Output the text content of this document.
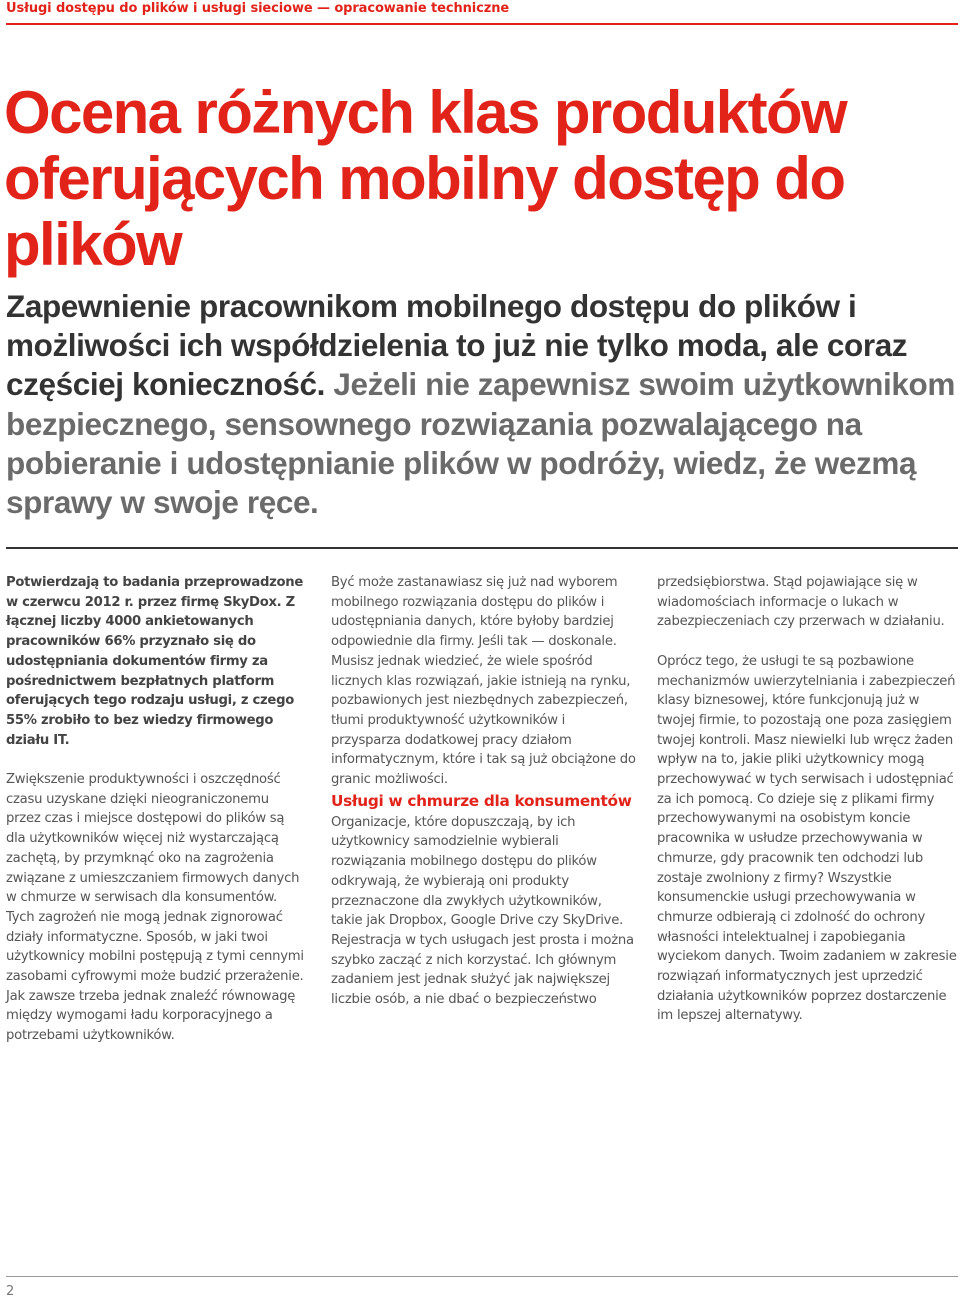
Usługi dostępu do plików i usługi sieciowe — opracowanie techniczne
Ocena różnych klas produktów oferujących mobilny dostęp do plików

Zapewnienie pracownikom mobilnego dostępu do plików i możliwości ich współdzielenia to już nie tylko moda, ale coraz częściej konieczność. Jeżeli nie zapewnisz swoim użytkownikom bezpiecznego, sensownego rozwiązania pozwalającego na pobieranie i udostępnianie plików w podróży, wiedz, że wezmą sprawy w swoje ręce.

Potwierdzają to badania przeprowadzone w czerwcu 2012 r. przez firmę SkyDox. Z łącznej liczby 4000 ankietowanych pracowników 66% przyznało się do udostępniania dokumentów firmy za pośrednictwem bezpłatnych platform oferujących tego rodzaju usługi, z czego 55% zrobiło to bez wiedzy firmowego działu IT.

Zwiększenie produktywności i oszczędność czasu uzyskane dzięki nieograniczonemu przez czas i miejsce dostępowi do plików są dla użytkowników więcej niż wystarczającą zachętą, by przymknąć oko na zagrożenia związane z umieszczaniem firmowych danych w chmurze w serwisach dla konsumentów. Tych zagrożeń nie mogą jednak zignorować działy informatyczne. Sposób, w jaki twoi użytkownicy mobilni postępują z tymi cennymi zasobami cyfrowymi może budzić przerażenie. Jak zawsze trzeba jednak znaleźć równowagę między wymogami ładu korporacyjnego a potrzebami użytkowników.

Być może zastanawiasz się już nad wyborem mobilnego rozwiązania dostępu do plików i udostępniania danych, które byłoby bardziej odpowiednie dla firmy. Jeśli tak — doskonale. Musisz jednak wiedzieć, że wiele spośród licznych klas rozwiązań, jakie istnieją na rynku, pozbawionych jest niezbędnych zabezpieczeń, tłumi produktywność użytkowników i przysparza dodatkowej pracy działom informatycznym, które i tak są już obciążone do granic możliwości.

Usługi w chmurze dla konsumentów

Organizacje, które dopuszczają, by ich użytkownicy samodzielnie wybierali rozwiązania mobilnego dostępu do plików odkrywają, że wybierają oni produkty przeznaczone dla zwykłych użytkowników, takie jak Dropbox, Google Drive czy SkyDrive. Rejestracja w tych usługach jest prosta i można szybko zacząć z nich korzystać. Ich głównym zadaniem jest jednak służyć jak największej liczbie osób, a nie dbać o bezpieczeństwo

przedsiębiorstwa. Stąd pojawiające się w wiadomościach informacje o lukach w zabezpieczeniach czy przerwach w działaniu.

Oprócz tego, że usługi te są pozbawione mechanizmów uwierzytelniania i zabezpieczeń klasy biznesowej, które funkcjonują już w twojej firmie, to pozostają one poza zasięgiem twojej kontroli. Masz niewielki lub wręcz żaden wpływ na to, jakie pliki użytkownicy mogą przechowywać w tych serwisach i udostępniać za ich pomocą. Co dzieje się z plikami firmy przechowywanymi na osobistym koncie pracownika w usłudze przechowywania w chmurze, gdy pracownik ten odchodzi lub zostaje zwolniony z firmy? Wszystkie konsumenckie usługi przechowywania w chmurze odbierają ci zdolność do ochrony własności intelektualnej i zapobiegania wyciekom danych. Twoim zadaniem w zakresie rozwiązań informatycznych jest uprzedzić działania użytkowników poprzez dostarczenie im lepszej alternatywy.

2
